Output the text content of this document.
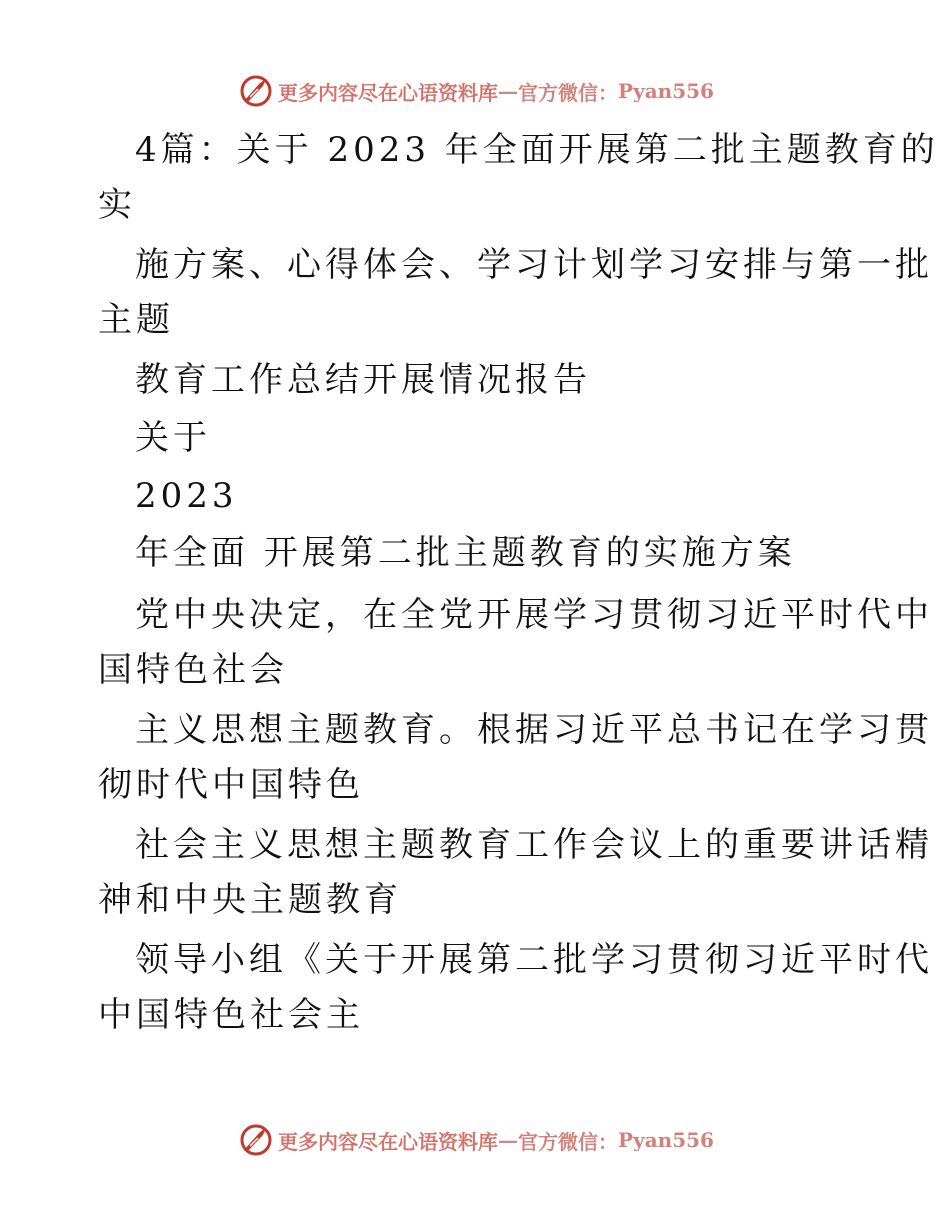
更多内容尽在心语资料库 — 官方微信： Pyan556
4篇：关于 2023 年全面开展第二批主题教育的
实
施方案、心得体会、学习计划学习安排与第一批
主题
教育工作总结开展情况报告
关于
2023
年全面 开展第二批主题教育的实施方案
党中央决定，在全党开展学习贯彻习近平时代中
国特色社会
主义思想主题教育。根据习近平总书记在学习贯
彻时代中国特色
社会主义思想主题教育工作会议上的重要讲话精
神和中央主题教育
领导小组《关于开展第二批学习贯彻习近平时代
中国特色社会主
更多内容尽在心语资料库 — 官方微信： Pyan556
